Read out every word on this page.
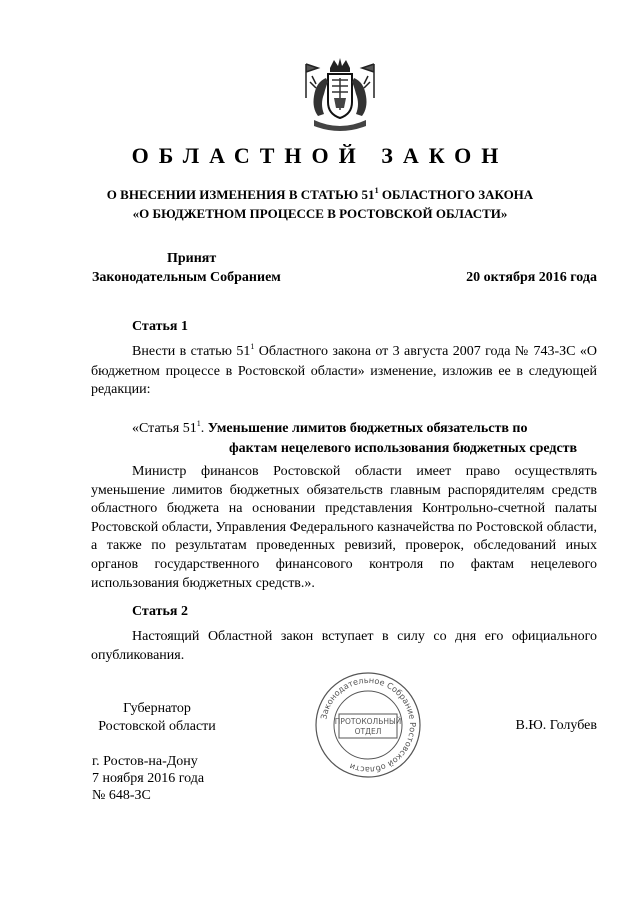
ОБЛАСТНОЙ ЗАКОН
О ВНЕСЕНИИ ИЗМЕНЕНИЯ В СТАТЬЮ $51^1$ ОБЛАСТНОГО ЗАКОНА
«О БЮДЖЕТНОМ ПРОЦЕССЕ В РОСТОВСКОЙ ОБЛАСТИ»
Принят
Законодательным Собранием	20 октября 2016 года
Статья 1
Внести в статью $51^1$ Областного закона от 3 августа 2007 года № 743-ЗС «О бюджетном процессе в Ростовской области» изменение, изложив ее в следующей редакции:
«Статья $51^1$. Уменьшение лимитов бюджетных обязательств по
фактам нецелевого использования бюджетных средств
Министр финансов Ростовской области имеет право осуществлять уменьшение лимитов бюджетных обязательств главным распорядителям средств областного бюджета на основании представления Контрольно-счетной палаты Ростовской области, Управления Федерального казначейства по Ростовской области, а также по результатам проведенных ревизий, проверок, обследований иных органов государственного финансового контроля по фактам нецелевого использования бюджетных средств.».
Статья 2
Настоящий Областной закон вступает в силу со дня его официального опубликования.
Губернатор
Ростовской области	В.Ю. Голубев
г. Ростов-на-Дону
7 ноября 2016 года
№ 648-ЗС
Законодательное Собрание Ростовской области
ПРОТОКОЛЬНЫЙ
ОТДЕЛ
